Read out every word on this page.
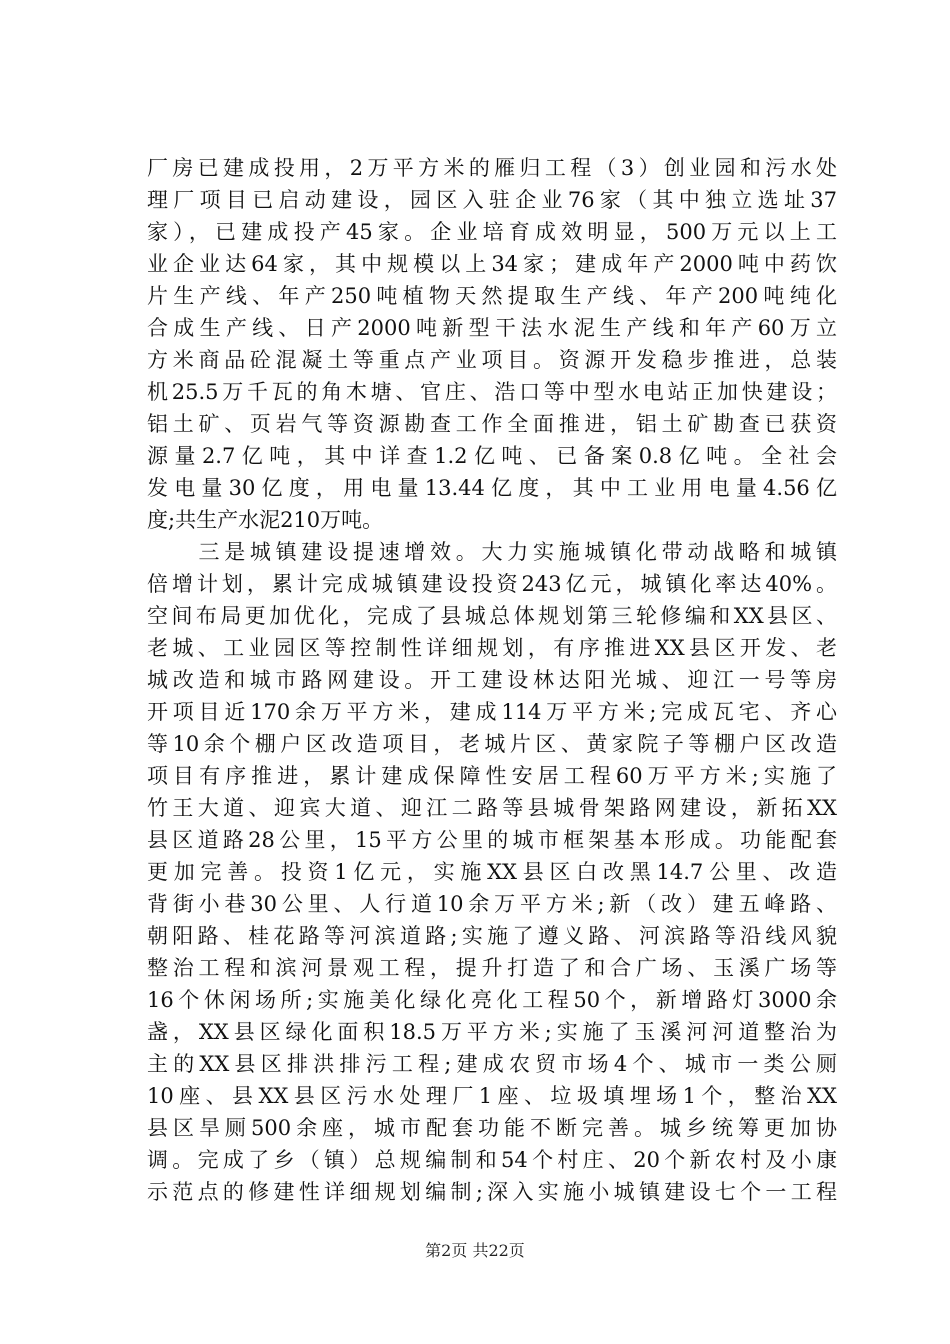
厂房已建成投用，2万平方米的雁归工程（3）创业园和污水处
理厂项目已启动建设，园区入驻企业76家（其中独立选址37
家），已建成投产45家。企业培育成效明显，500万元以上工
业企业达64家，其中规模以上34家；建成年产2000吨中药饮
片生产线、年产250吨植物天然提取生产线、年产200吨纯化
合成生产线、日产2000吨新型干法水泥生产线和年产60万立
方米商品砼混凝土等重点产业项目。资源开发稳步推进，总装
机25.5万千瓦的角木塘、官庄、浩口等中型水电站正加快建设；
铝土矿、页岩气等资源勘查工作全面推进，铝土矿勘查已获资
源量2.7亿吨，其中详查1.2亿吨、已备案0.8亿吨。全社会
发电量30亿度，用电量13.44亿度，其中工业用电量4.56亿
度;共生产水泥210万吨。
　　三是城镇建设提速增效。大力实施城镇化带动战略和城镇
倍增计划，累计完成城镇建设投资243亿元，城镇化率达40%。
空间布局更加优化，完成了县城总体规划第三轮修编和XX县区、
老城、工业园区等控制性详细规划，有序推进XX县区开发、老
城改造和城市路网建设。开工建设林达阳光城、迎江一号等房
开项目近170余万平方米，建成114万平方米;完成瓦宅、齐心
等10余个棚户区改造项目，老城片区、黄家院子等棚户区改造
项目有序推进，累计建成保障性安居工程60万平方米;实施了
竹王大道、迎宾大道、迎江二路等县城骨架路网建设，新拓XX
县区道路28公里，15平方公里的城市框架基本形成。功能配套
更加完善。投资1亿元，实施XX县区白改黑14.7公里、改造
背街小巷30公里、人行道10余万平方米;新（改）建五峰路、
朝阳路、桂花路等河滨道路;实施了遵义路、河滨路等沿线风貌
整治工程和滨河景观工程，提升打造了和合广场、玉溪广场等
16个休闲场所;实施美化绿化亮化工程50个，新增路灯3000余
盏，XX县区绿化面积18.5万平方米;实施了玉溪河河道整治为
主的XX县区排洪排污工程;建成农贸市场4个、城市一类公厕
10座、县XX县区污水处理厂1座、垃圾填埋场1个，整治XX
县区旱厕500余座，城市配套功能不断完善。城乡统筹更加协
调。完成了乡（镇）总规编制和54个村庄、20个新农村及小康
示范点的修建性详细规划编制;深入实施小城镇建设七个一工程
第2页 共22页
